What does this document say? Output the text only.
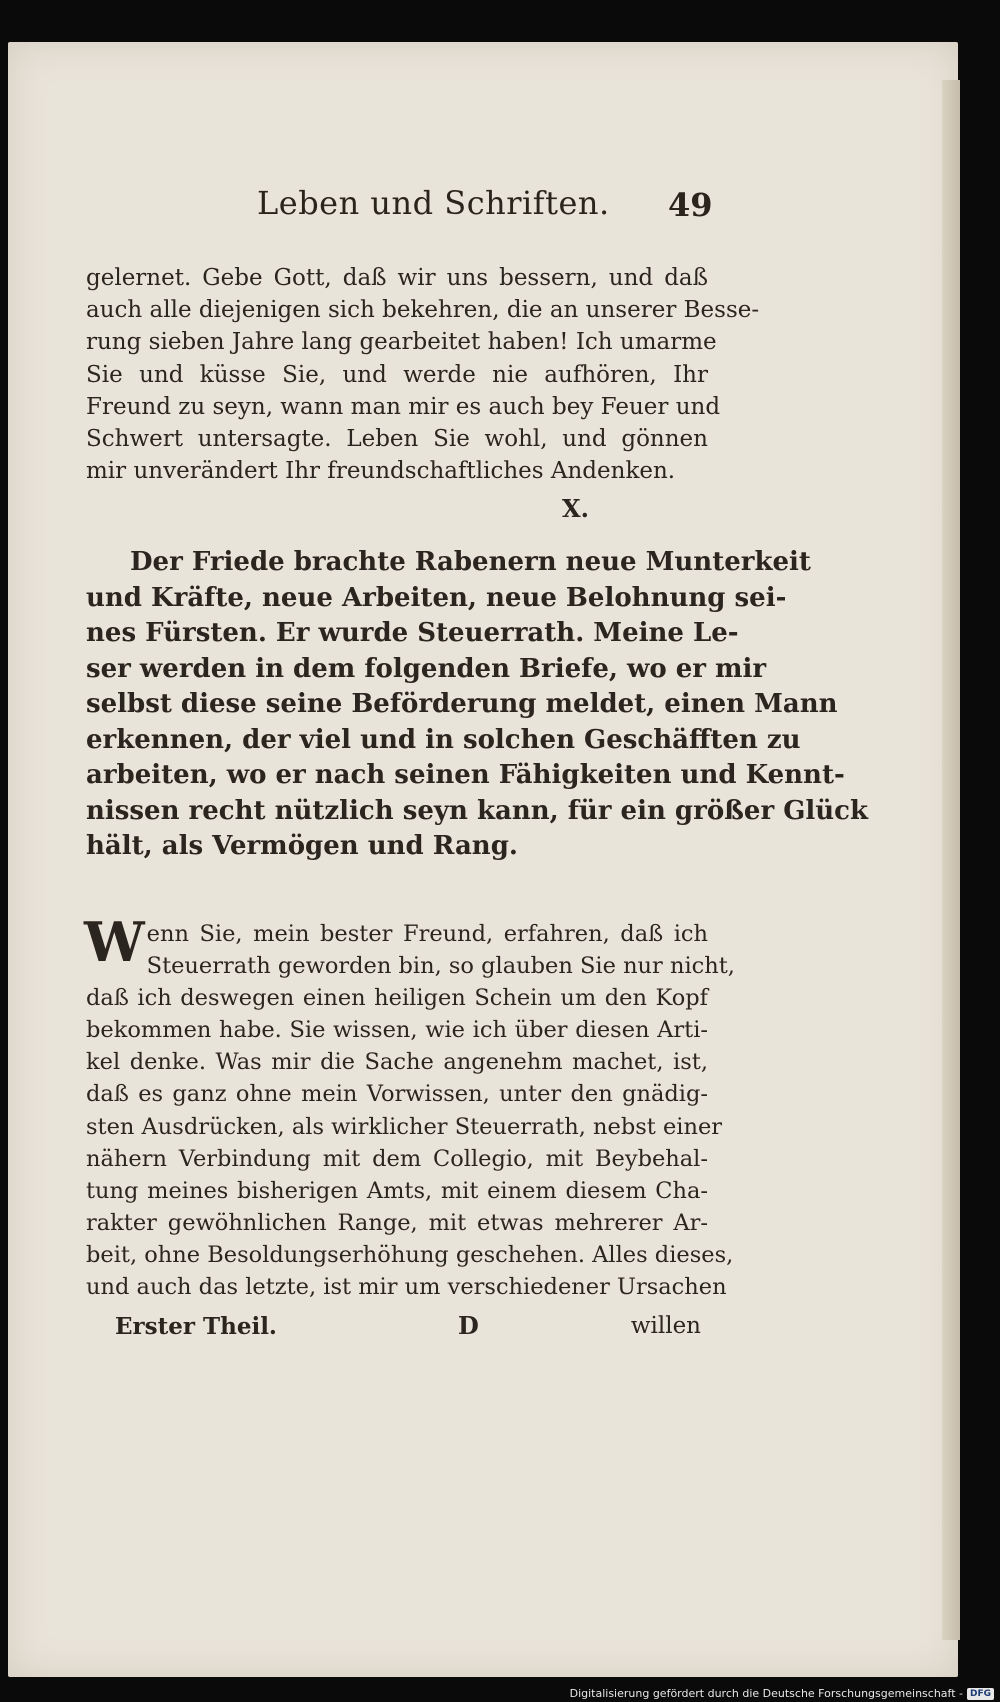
Leben und Schriften. 49
gelernet. Gebe Gott, daß wir uns bessern, und daß
auch alle diejenigen sich bekehren, die an unserer Besse-
rung sieben Jahre lang gearbeitet haben! Ich umarme
Sie und küsse Sie, und werde nie aufhören, Ihr
Freund zu seyn, wann man mir es auch bey Feuer und
Schwert untersagte. Leben Sie wohl, und gönnen
mir unverändert Ihr freundschaftliches Andenken.
X.
Der Friede brachte Rabenern neue Munterkeit
und Kräfte, neue Arbeiten, neue Belohnung sei-
nes Fürsten. Er wurde Steuerrath. Meine Le-
ser werden in dem folgenden Briefe, wo er mir
selbst diese seine Beförderung meldet, einen Mann
erkennen, der viel und in solchen Geschäfften zu
arbeiten, wo er nach seinen Fähigkeiten und Kennt-
nissen recht nützlich seyn kann, für ein größer Glück
hält, als Vermögen und Rang.
W enn Sie, mein bester Freund, erfahren, daß ich
Steuerrath geworden bin, so glauben Sie nur nicht,
daß ich deswegen einen heiligen Schein um den Kopf
bekommen habe. Sie wissen, wie ich über diesen Arti-
kel denke. Was mir die Sache angenehm machet, ist,
daß es ganz ohne mein Vorwissen, unter den gnädig-
sten Ausdrücken, als wirklicher Steuerrath, nebst einer
nähern Verbindung mit dem Collegio, mit Beybehal-
tung meines bisherigen Amts, mit einem diesem Cha-
rakter gewöhnlichen Range, mit etwas mehrerer Ar-
beit, ohne Besoldungserhöhung geschehen. Alles dieses,
und auch das letzte, ist mir um verschiedener Ursachen
Erster Theil.	D	willen
Digitalisierung gefördert durch die Deutsche Forschungsgemeinschaft - DFG
